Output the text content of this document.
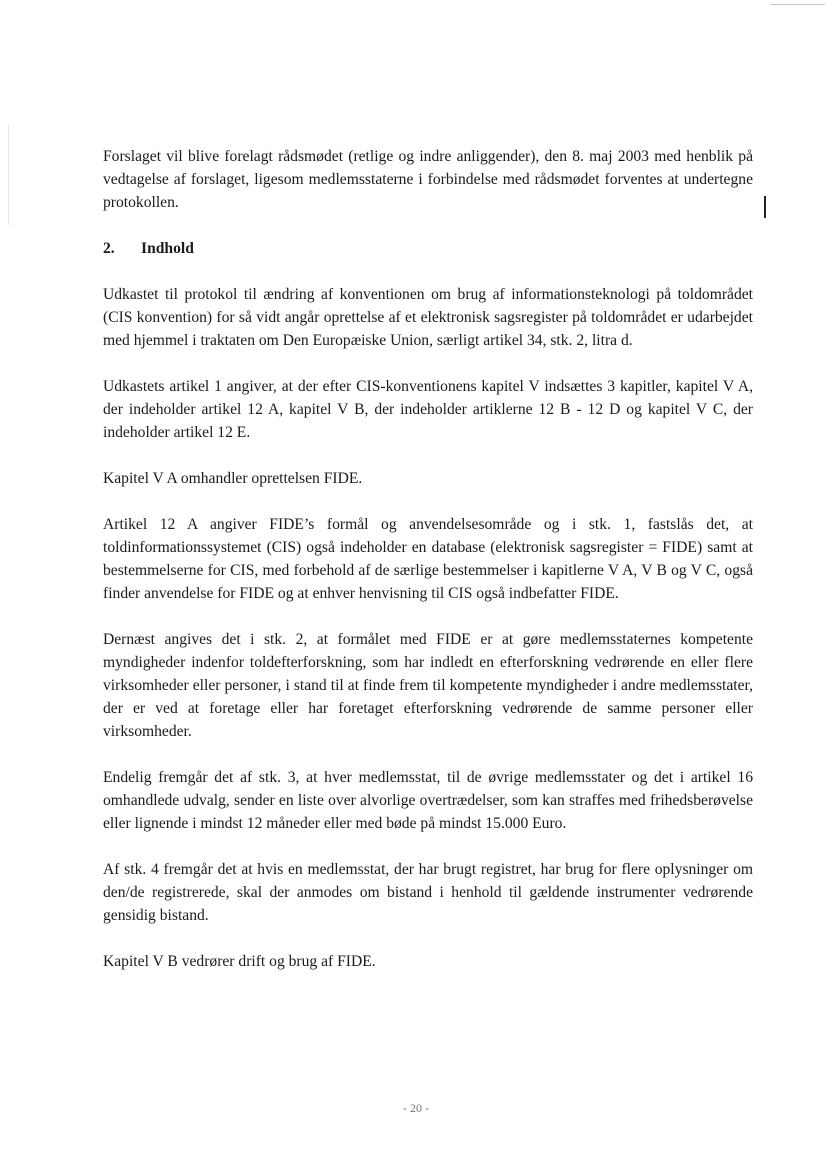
Forslaget vil blive forelagt rådsmødet (retlige og indre anliggender), den 8. maj 2003 med henblik på vedtagelse af forslaget, ligesom medlemsstaterne i forbindelse med rådsmødet forventes at undertegne protokollen.

2.	Indhold

Udkastet til protokol til ændring af konventionen om brug af informationsteknologi på toldområdet (CIS konvention) for så vidt angår oprettelse af et elektronisk sagsregister på toldområdet er udarbejdet med hjemmel i traktaten om Den Europæiske Union, særligt artikel 34, stk. 2, litra d.

Udkastets artikel 1 angiver, at der efter CIS-konventionens kapitel V indsættes 3 kapitler, kapitel V A, der indeholder artikel 12 A, kapitel V B, der indeholder artiklerne 12 B - 12 D og kapitel V C, der indeholder artikel 12 E.

Kapitel V A omhandler oprettelsen FIDE.

Artikel 12 A angiver FIDE’s formål og anvendelsesområde og i stk. 1, fastslås det, at toldinformationssystemet (CIS) også indeholder en database (elektronisk sagsregister = FIDE) samt at bestemmelserne for CIS, med forbehold af de særlige bestemmelser i kapitlerne V A, V B og V C, også finder anvendelse for FIDE og at enhver henvisning til CIS også indbefatter FIDE.

Dernæst angives det i stk. 2, at formålet med FIDE er at gøre medlemsstaternes kompetente myndigheder indenfor toldefterforskning, som har indledt en efterforskning vedrørende en eller flere virksomheder eller personer, i stand til at finde frem til kompetente myndigheder i andre medlemsstater, der er ved at foretage eller har foretaget efterforskning vedrørende de samme personer eller virksomheder.

Endelig fremgår det af stk. 3, at hver medlemsstat, til de øvrige medlemsstater og det i artikel 16 omhandlede udvalg, sender en liste over alvorlige overtrædelser, som kan straffes med frihedsberøvelse eller lignende i mindst 12 måneder eller med bøde på mindst 15.000 Euro.

Af stk. 4 fremgår det at hvis en medlemsstat, der har brugt registret, har brug for flere oplysninger om den/de registrerede, skal der anmodes om bistand i henhold til gældende instrumenter vedrørende gensidig bistand.

Kapitel V B vedrører drift og brug af FIDE.

- 20 -
